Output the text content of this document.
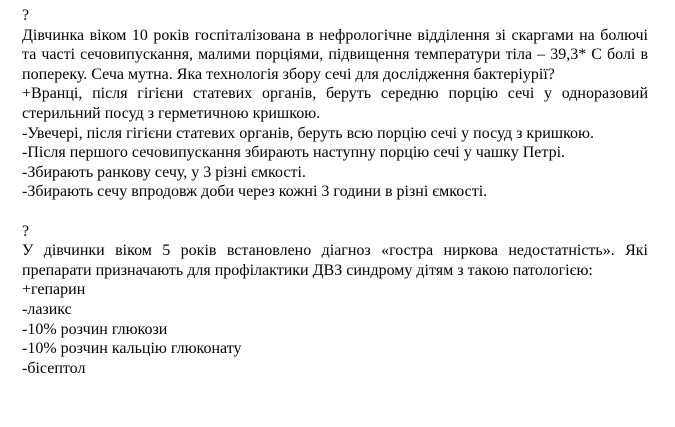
?
Дівчинка віком 10 років госпіталізована в нефрологічне відділення зі скаргами на болючі та часті сечовипускання, малими порціями, підвищення температури тіла – 39,3* С болі в попереку. Сеча мутна. Яка технологія збору сечі для дослідження бактеріурії?
+Вранці, після гігієни статевих органів, беруть середню порцію сечі у одноразовий стерильний посуд з герметичною кришкою.
-Увечері, після гігієни статевих органів, беруть всю порцію сечі у посуд з кришкою.
-Після першого сечовипускання збирають наступну порцію сечі у чашку Петрі.
-Збирають ранкову сечу, у 3 різні ємкості.
-Збирають сечу впродовж доби через кожні 3 години в різні ємкості.
?
У дівчинки віком 5 років встановлено діагноз «гостра ниркова недостатність». Які препарати призначають для профілактики ДВЗ синдрому дітям з такою патологією:
+гепарин
-лазикс
-10% розчин глюкози
-10% розчин кальцію глюконату
-бісептол
